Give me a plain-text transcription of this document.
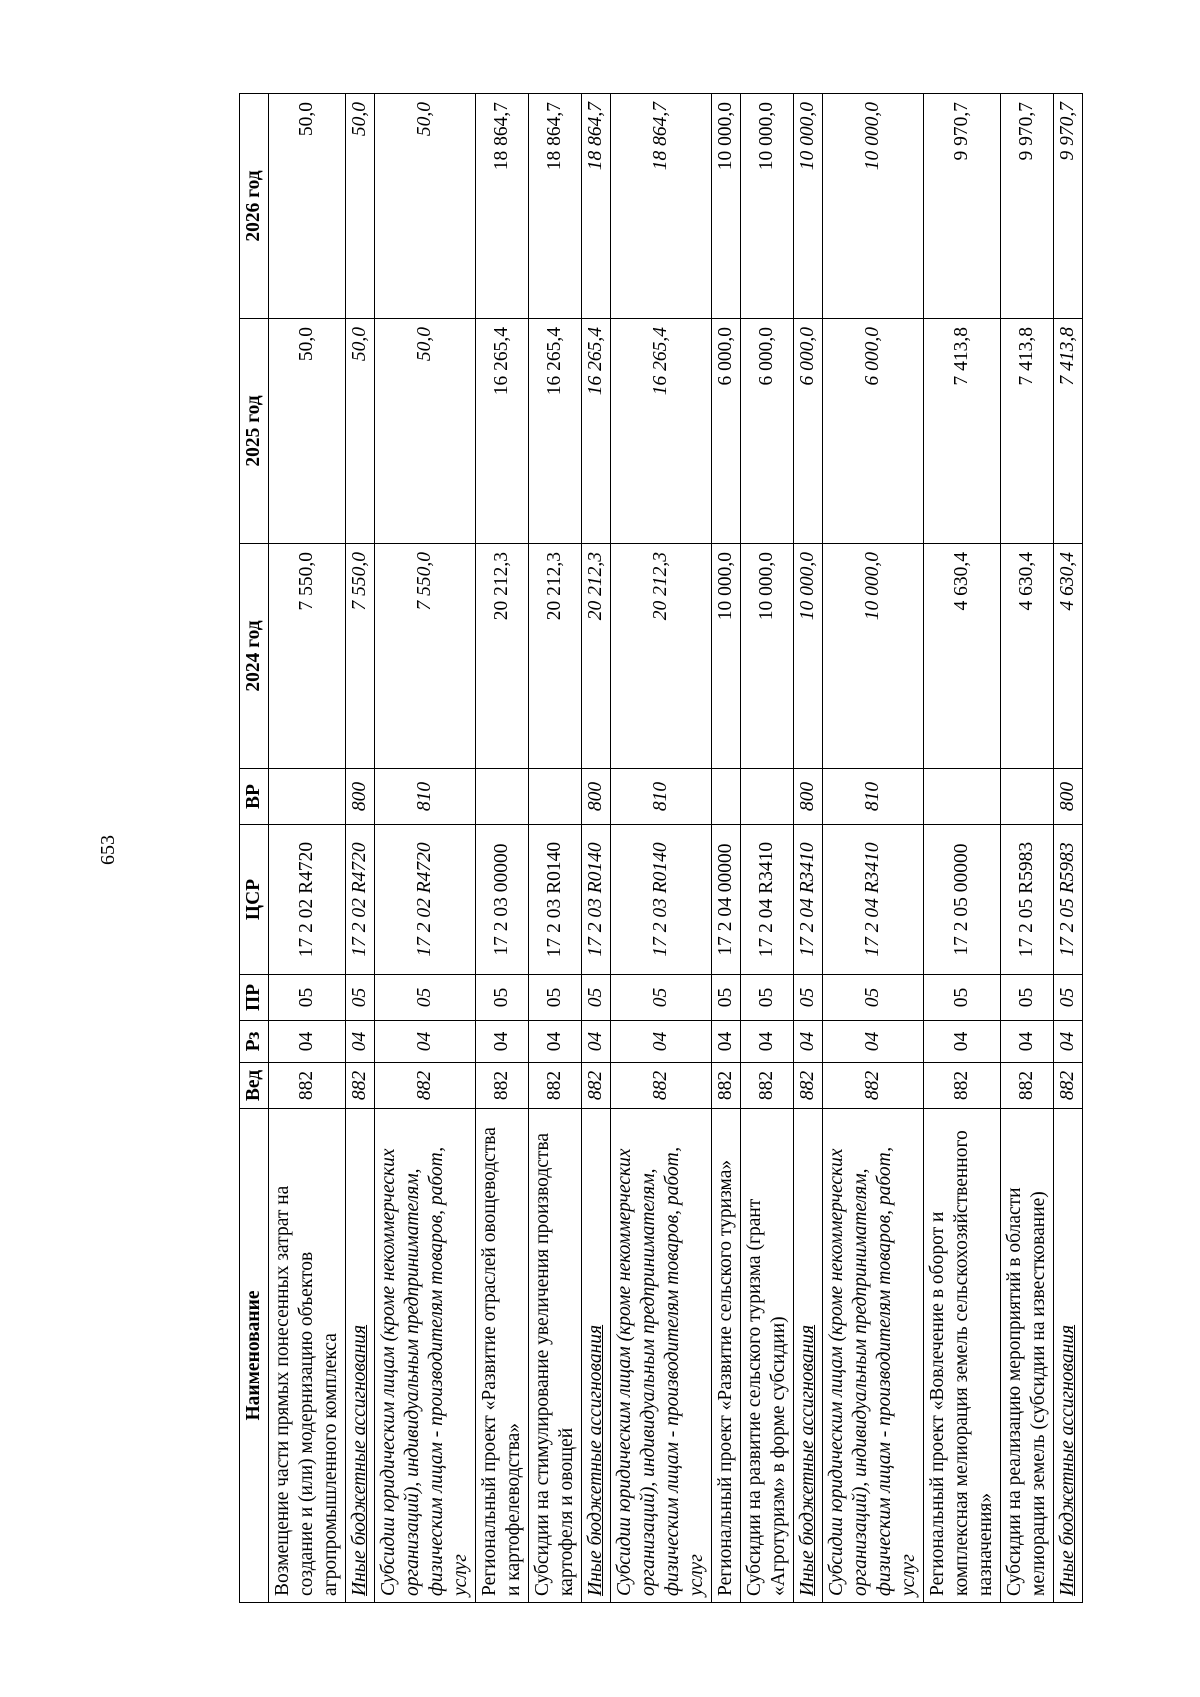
653
Наименование	Вед	Рз	ПР	ЦСР	ВР	2024 год	2025 год	2026 год
Возмещение части прямых понесенных затрат на создание и (или) модернизацию объектов агропромышленного комплекса	882	04	05	17 2 02 R4720		7 550,0	50,0	50,0
Иные бюджетные ассигнования	882	04	05	17 2 02 R4720	800	7 550,0	50,0	50,0
Субсидии юридическим лицам (кроме некоммерческих организаций), индивидуальным предпринимателям, физическим лицам - производителям товаров, работ, услуг	882	04	05	17 2 02 R4720	810	7 550,0	50,0	50,0
Региональный проект «Развитие отраслей овощеводства и картофелеводства»	882	04	05	17 2 03 00000		20 212,3	16 265,4	18 864,7
Субсидии на стимулирование увеличения производства картофеля и овощей	882	04	05	17 2 03 R0140		20 212,3	16 265,4	18 864,7
Иные бюджетные ассигнования	882	04	05	17 2 03 R0140	800	20 212,3	16 265,4	18 864,7
Субсидии юридическим лицам (кроме некоммерческих организаций), индивидуальным предпринимателям, физическим лицам - производителям товаров, работ, услуг	882	04	05	17 2 03 R0140	810	20 212,3	16 265,4	18 864,7
Региональный проект «Развитие сельского туризма»	882	04	05	17 2 04 00000		10 000,0	6 000,0	10 000,0
Субсидии на развитие сельского туризма (грант «Агротуризм» в форме субсидии)	882	04	05	17 2 04 R3410		10 000,0	6 000,0	10 000,0
Иные бюджетные ассигнования	882	04	05	17 2 04 R3410	800	10 000,0	6 000,0	10 000,0
Субсидии юридическим лицам (кроме некоммерческих организаций), индивидуальным предпринимателям, физическим лицам - производителям товаров, работ, услуг	882	04	05	17 2 04 R3410	810	10 000,0	6 000,0	10 000,0
Региональный проект «Вовлечение в оборот и комплексная мелиорация земель сельскохозяйственного назначения»	882	04	05	17 2 05 00000		4 630,4	7 413,8	9 970,7
Субсидии на реализацию мероприятий в области мелиорации земель (субсидии на известкование)	882	04	05	17 2 05 R5983		4 630,4	7 413,8	9 970,7
Иные бюджетные ассигнования	882	04	05	17 2 05 R5983	800	4 630,4	7 413,8	9 970,7
